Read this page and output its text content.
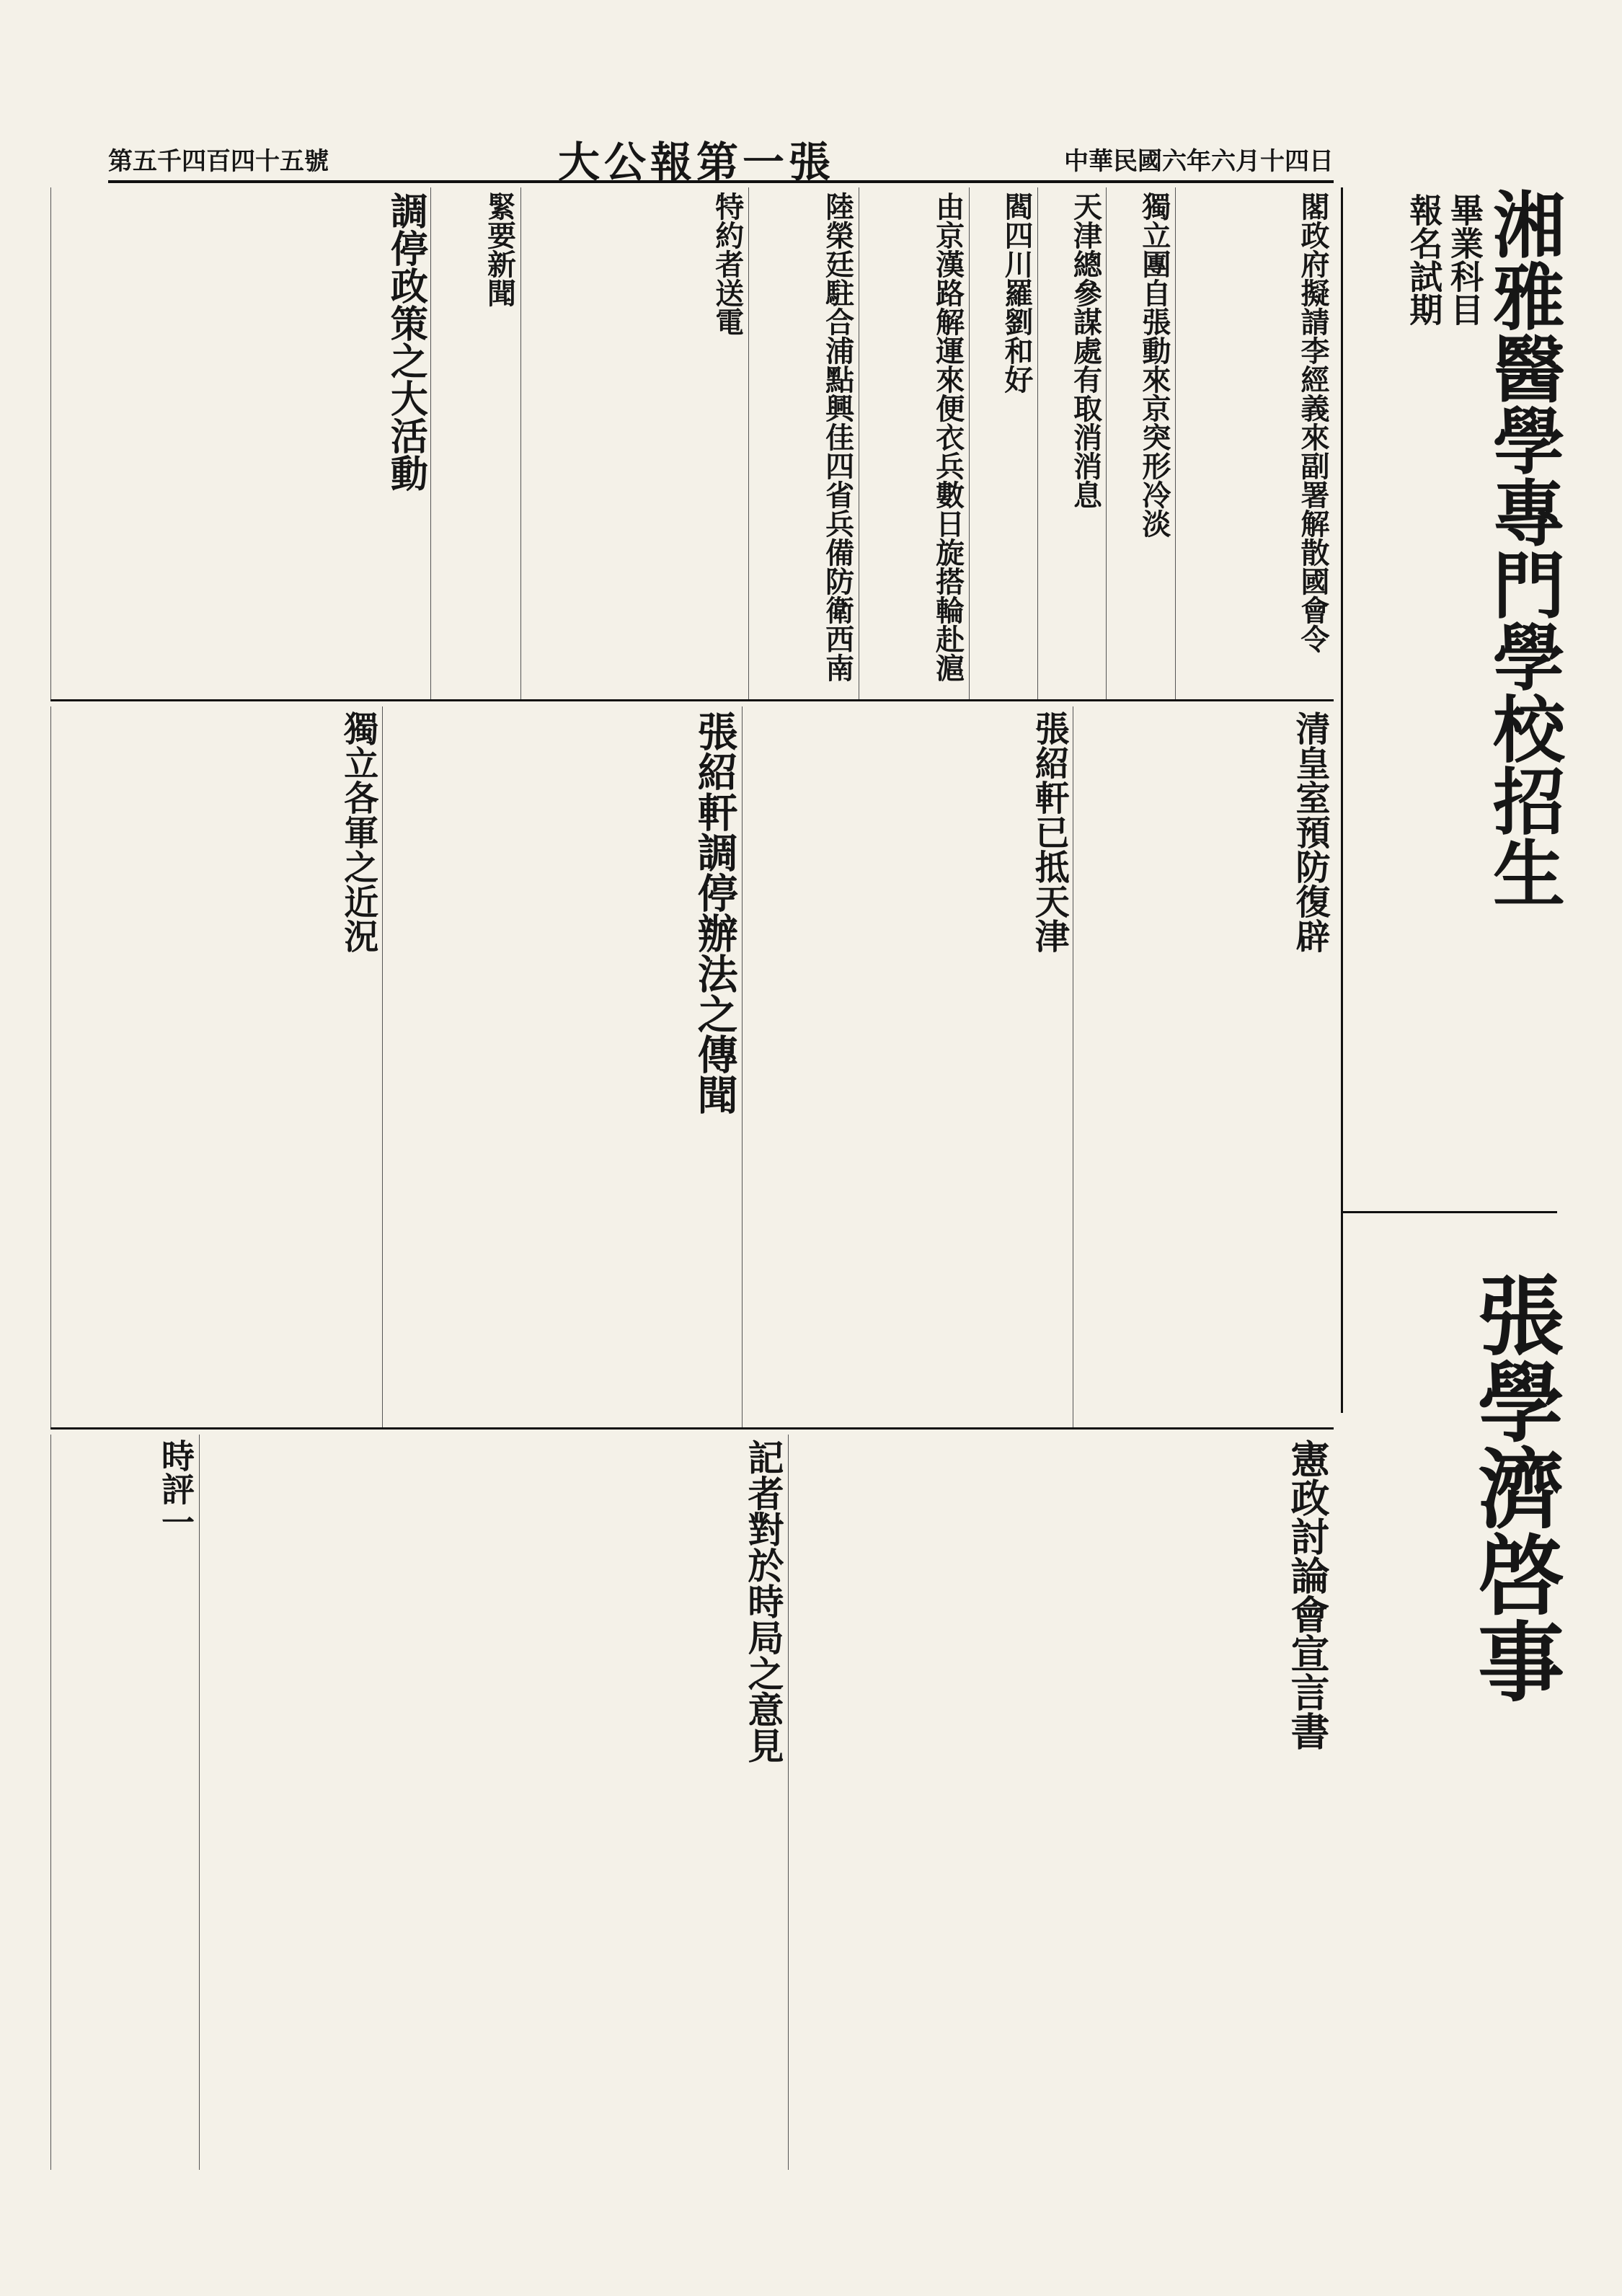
第五千四百四十五號	大公報第一張	中華民國六年六月十四日
湘雅醫學專門學校招生
畢業科目
報名試期
張學濟啓事
閣政府擬請李經義來副署解散國會令
獨立團自張動來京突形冷淡
天津總參謀處有取消消息
閻四川羅劉和好
由京漢路解運來便衣兵數日旋搭輪赴滬
陸榮廷駐合浦點興佳四省兵備防衛西南
特約者送電
緊要新聞
調停政策之大活動
清皇室預防復辟
張紹軒已抵天津
張紹軒調停辦法之傳聞
獨立各軍之近況
憲政討論會宣言書
記者對於時局之意見
時評一
